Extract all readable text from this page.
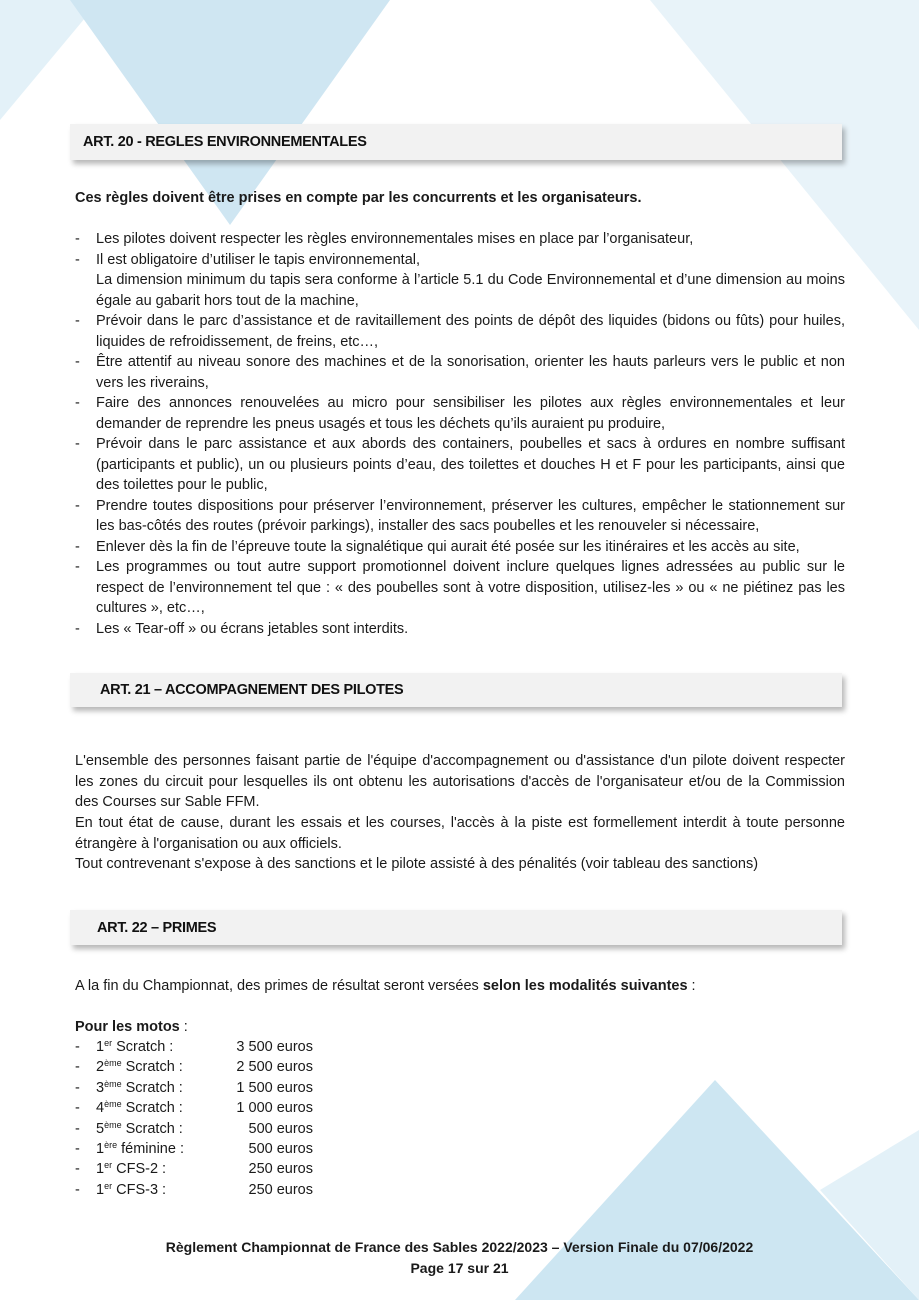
ART. 20 - REGLES ENVIRONNEMENTALES
Ces règles doivent être prises en compte par les concurrents et les organisateurs.
- Les pilotes doivent respecter les règles environnementales mises en place par l’organisateur,
- Il est obligatoire d’utiliser le tapis environnemental,
La dimension minimum du tapis sera conforme à l’article 5.1 du Code Environnemental et d’une dimension au moins égale au gabarit hors tout de la machine,
- Prévoir dans le parc d’assistance et de ravitaillement des points de dépôt des liquides (bidons ou fûts) pour huiles, liquides de refroidissement, de freins, etc…,
- Être attentif au niveau sonore des machines et de la sonorisation, orienter les hauts parleurs vers le public et non vers les riverains,
- Faire des annonces renouvelées au micro pour sensibiliser les pilotes aux règles environnementales et leur demander de reprendre les pneus usagés et tous les déchets qu’ils auraient pu produire,
- Prévoir dans le parc assistance et aux abords des containers, poubelles et sacs à ordures en nombre suffisant (participants et public), un ou plusieurs points d’eau, des toilettes et douches H et F pour les participants, ainsi que des toilettes pour le public,
- Prendre toutes dispositions pour préserver l’environnement, préserver les cultures, empêcher le stationnement sur les bas-côtés des routes (prévoir parkings), installer des sacs poubelles et les renouveler si nécessaire,
- Enlever dès la fin de l’épreuve toute la signalétique qui aurait été posée sur les itinéraires et les accès au site,
- Les programmes ou tout autre support promotionnel doivent inclure quelques lignes adressées au public sur le respect de l’environnement tel que : « des poubelles sont à votre disposition, utilisez-les » ou « ne piétinez pas les cultures », etc…,
- Les « Tear-off » ou écrans jetables sont interdits.
ART. 21 – ACCOMPAGNEMENT DES PILOTES
L'ensemble des personnes faisant partie de l'équipe d'accompagnement ou d'assistance d'un pilote doivent respecter les zones du circuit pour lesquelles ils ont obtenu les autorisations d'accès de l'organisateur et/ou de la Commission des Courses sur Sable FFM.
En tout état de cause, durant les essais et les courses, l'accès à la piste est formellement interdit à toute personne étrangère à l'organisation ou aux officiels.
Tout contrevenant s'expose à des sanctions et le pilote assisté à des pénalités (voir tableau des sanctions)
ART. 22 – PRIMES
A la fin du Championnat, des primes de résultat seront versées selon les modalités suivantes :
Pour les motos :
- 1er Scratch :	3 500 euros
- 2ème Scratch :	2 500 euros
- 3ème Scratch :	1 500 euros
- 4ème Scratch :	1 000 euros
- 5ème Scratch :	500 euros
- 1ère féminine :	500 euros
- 1er CFS-2 :	250 euros
- 1er CFS-3 :	250 euros
Règlement Championnat de France des Sables 2022/2023 – Version Finale du 07/06/2022
Page 17 sur 21
